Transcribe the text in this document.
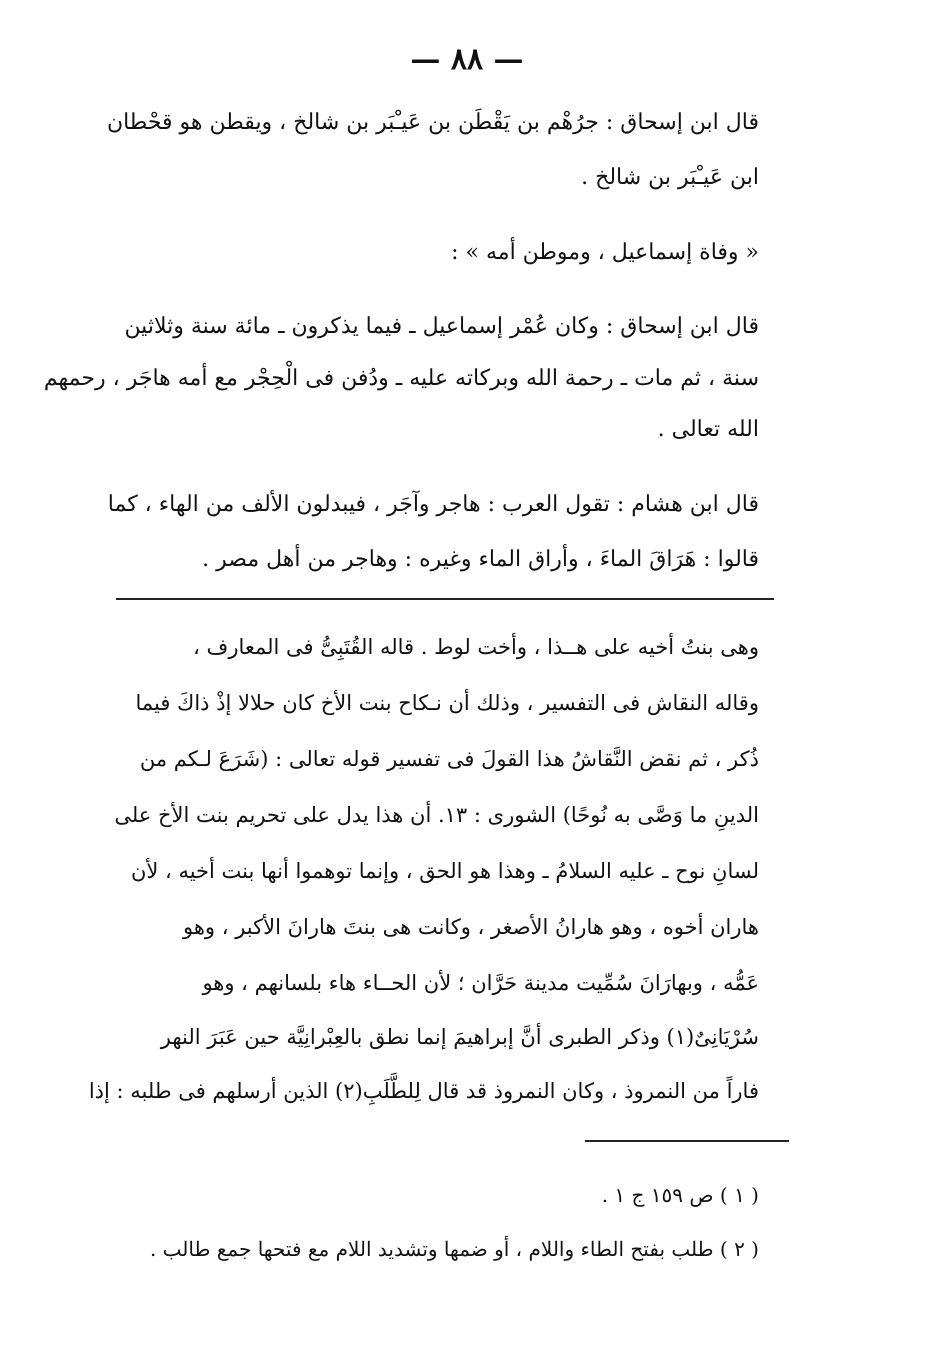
— ٨٨ —
قال ابن إسحاق : جرُهْم بن يَقْطَن بن عَيـْبَر بن شالخ ، ويقطن هو قحْطان
ابن عَيـْبَر بن شالخ .
« وفاة إسماعيل ، وموطن أمه » :
قال ابن إسحاق : وكان عُمْر إسماعيل ـ فيما يذكرون ـ مائة سنة وثلاثين
سنة ، ثم مات ـ رحمة الله وبركاته عليه ـ ودُفن فى الْحِجْر مع أمه هاجَر ، رحمهم
الله تعالى .
قال ابن هشام : تقول العرب : هاجر وآجَر ، فيبدلون الألف من الهاء ، كما
قالوا : هَرَاقَ الماءَ ، وأراق الماء وغيره : وهاجر من أهل مصر .
وهى بنتُ أخيه على هــذا ، وأخت لوط . قاله القُتَبِىُّ فى المعارف ،
وقاله النقاش فى التفسير ، وذلك أن نـكاح بنت الأخ كان حلالا إذْ ذاكَ فيما
ذُكر ، ثم نقض النَّقاشُ هذا القولَ فى تفسير قوله تعالى : (شَرَعَ لـكم من
الدينِ ما وَصَّى به نُوحًا) الشورى : ١٣. أن هذا يدل على تحريم بنت الأخ على
لسانِ نوح ـ عليه السلامُ ـ وهذا هو الحق ، وإنما توهموا أنها بنت أخيه ، لأن
هاران أخوه ، وهو هارانُ الأصغر ، وكانت هى بنتَ هارانَ الأكبر ، وهو
عَمُّه ، وبهارَانَ سُمِّيت مدينة حَرَّان ؛ لأن الحــاء هاء بلسانهم ، وهو
سُرْيَانِىٌ(١) وذكر الطبرى أنَّ إبراهيمَ إنما نطق بالعِبْرانِيَّة حين عَبَرَ النهر
فاراً من النمروذ ، وكان النمروذ قد قال لِلطَّلَبِ(٢) الذين أرسلهم فى طلبه : إذا
( ١ ) ص ١٥٩ ج ١ .
( ٢ ) طلب بفتح الطاء واللام ، أو ضمها وتشديد اللام مع فتحها جمع طالب .
